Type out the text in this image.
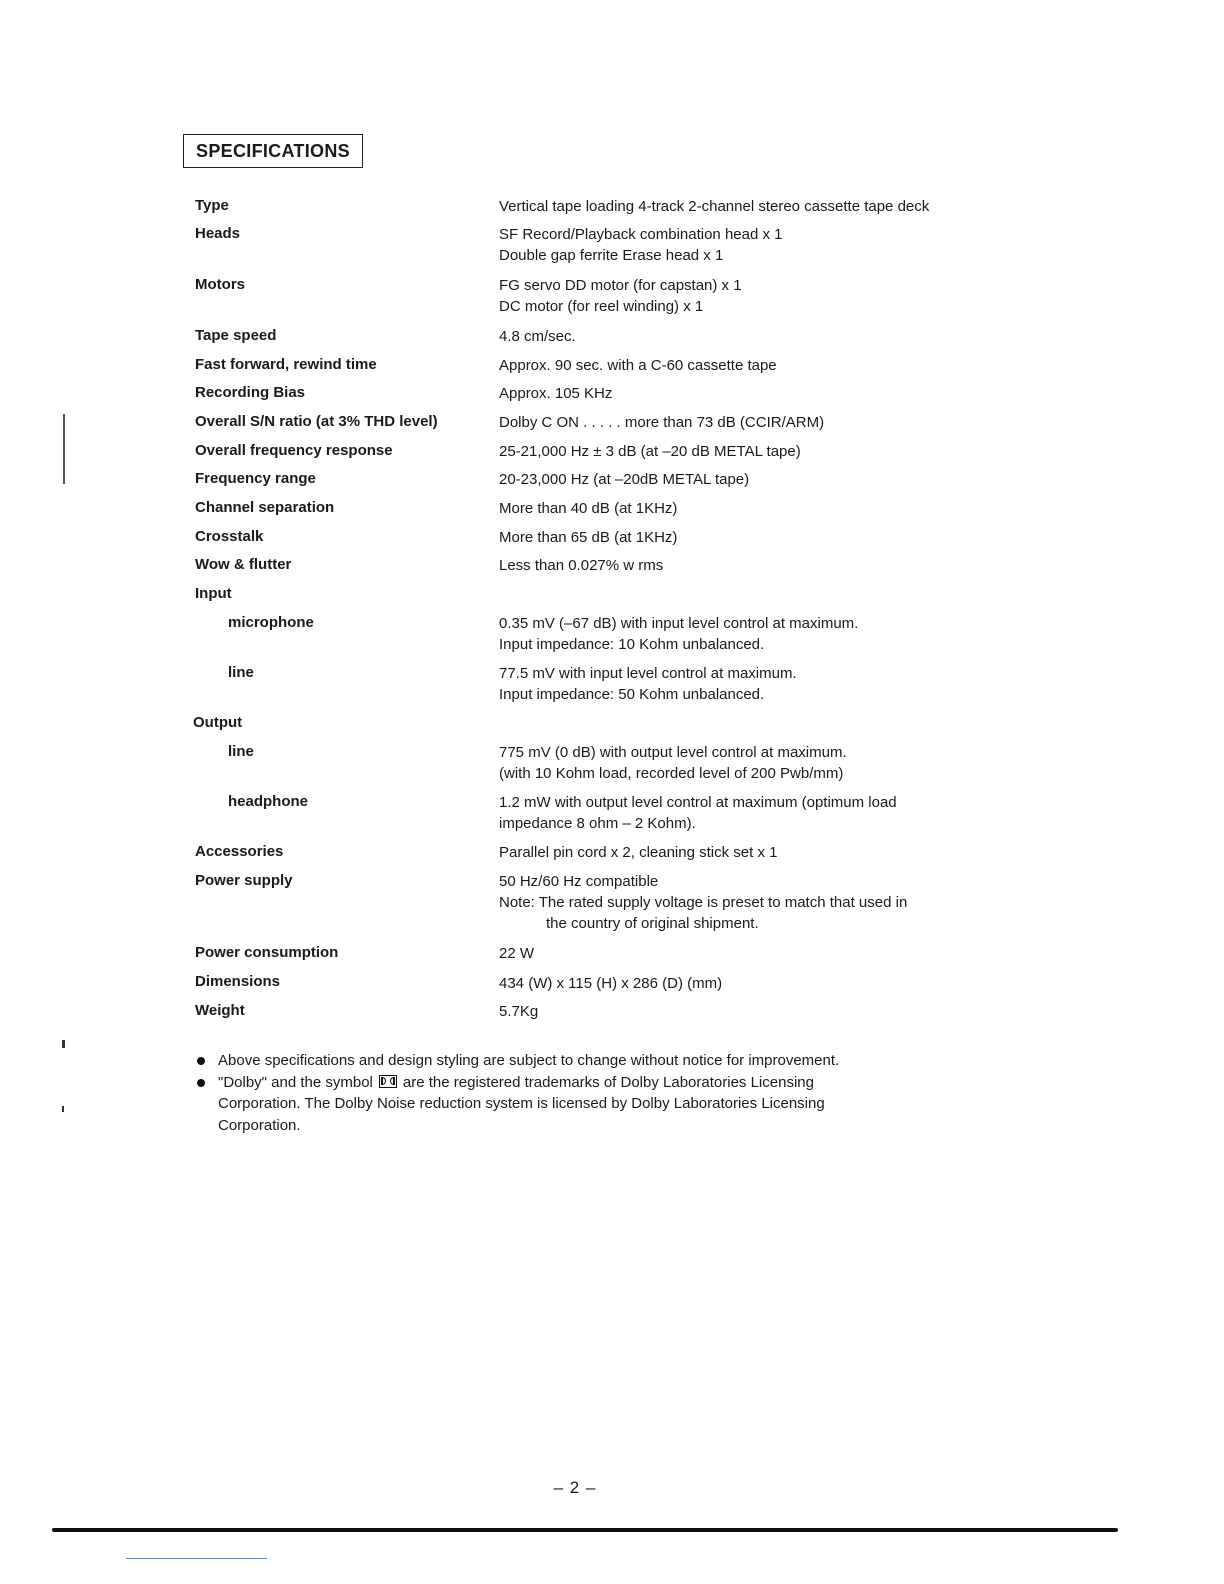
SPECIFICATIONS
Type
Heads
Motors
Tape speed
Fast forward, rewind time
Recording Bias
Overall S/N ratio (at 3% THD level)
Overall frequency response
Frequency range
Channel separation
Crosstalk
Wow & flutter
Input
microphone
line
Output
line
headphone
Accessories
Power supply
Power consumption
Dimensions
Weight
Vertical tape loading 4-track 2-channel stereo cassette tape deck
SF Record/Playback combination head x 1
Double gap ferrite Erase head x 1
FG servo DD motor (for capstan) x 1
DC motor (for reel winding) x 1
4.8 cm/sec.
Approx. 90 sec. with a C-60 cassette tape
Approx. 105 KHz
Dolby C ON . . . . . more than 73 dB (CCIR/ARM)
25-21,000 Hz ± 3 dB (at –20 dB METAL tape)
20-23,000 Hz (at –20dB METAL tape)
More than 40 dB (at 1KHz)
More than 65 dB (at 1KHz)
Less than 0.027% w rms
0.35 mV (–67 dB) with input level control at maximum.
Input impedance: 10 Kohm unbalanced.
77.5 mV with input level control at maximum.
Input impedance: 50 Kohm unbalanced.
775 mV (0 dB) with output level control at maximum.
(with 10 Kohm load, recorded level of 200 Pwb/mm)
1.2 mW with output level control at maximum (optimum load
impedance 8 ohm – 2 Kohm).
Parallel pin cord x 2, cleaning stick set x 1
50 Hz/60 Hz compatible
Note: The rated supply voltage is preset to match that used in
the country of original shipment.
22 W
434 (W) x 115 (H) x 286 (D) (mm)
5.7Kg
Above specifications and design styling are subject to change without notice for improvement.
"Dolby" and the symbol are the registered trademarks of Dolby Laboratories Licensing
Corporation. The Dolby Noise reduction system is licensed by Dolby Laboratories Licensing
Corporation.
– 2 –
